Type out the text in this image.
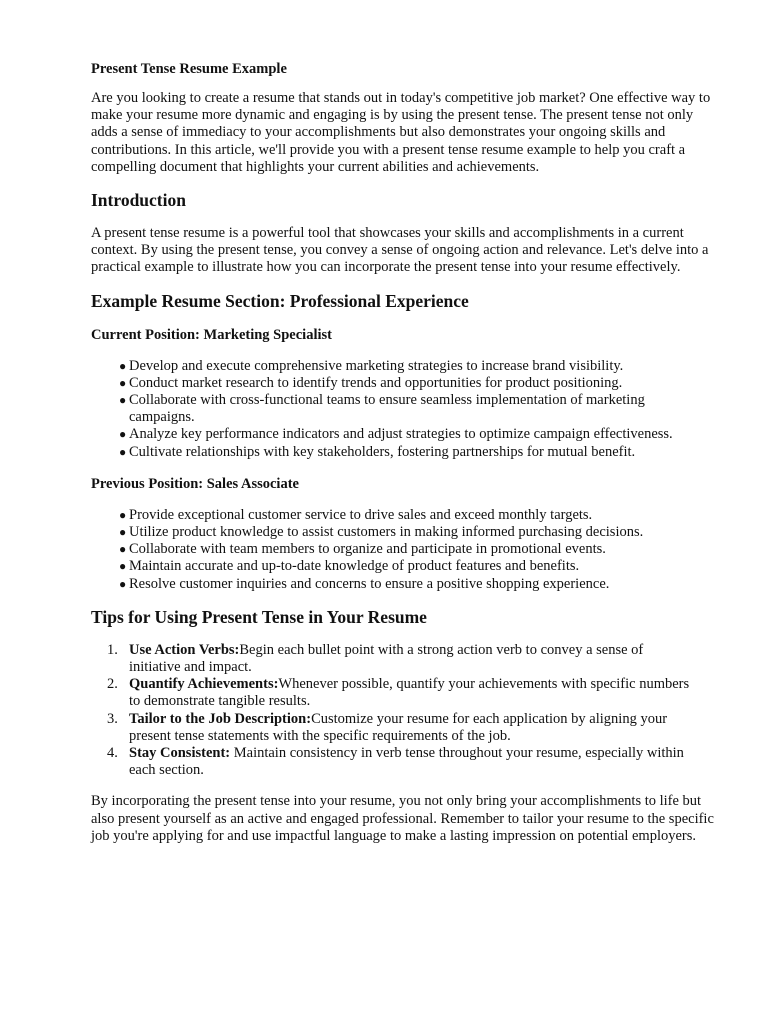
Present Tense Resume Example

Are you looking to create a resume that stands out in today's competitive job market? One effective way to make your resume more dynamic and engaging is by using the present tense. The present tense not only adds a sense of immediacy to your accomplishments but also demonstrates your ongoing skills and contributions. In this article, we'll provide you with a present tense resume example to help you craft a compelling document that highlights your current abilities and achievements.

Introduction

A present tense resume is a powerful tool that showcases your skills and accomplishments in a current context. By using the present tense, you convey a sense of ongoing action and relevance. Let's delve into a practical example to illustrate how you can incorporate the present tense into your resume effectively.

Example Resume Section: Professional Experience
Current Position: Marketing Specialist
● Develop and execute comprehensive marketing strategies to increase brand visibility.
● Conduct market research to identify trends and opportunities for product positioning.
● Collaborate with cross-functional teams to ensure seamless implementation of marketing campaigns.
● Analyze key performance indicators and adjust strategies to optimize campaign effectiveness.
● Cultivate relationships with key stakeholders, fostering partnerships for mutual benefit.
Previous Position: Sales Associate
● Provide exceptional customer service to drive sales and exceed monthly targets.
● Utilize product knowledge to assist customers in making informed purchasing decisions.
● Collaborate with team members to organize and participate in promotional events.
● Maintain accurate and up-to-date knowledge of product features and benefits.
● Resolve customer inquiries and concerns to ensure a positive shopping experience.
Tips for Using Present Tense in Your Resume
1. Use Action Verbs:Begin each bullet point with a strong action verb to convey a sense of initiative and impact.
2. Quantify Achievements:Whenever possible, quantify your achievements with specific numbers to demonstrate tangible results.
3. Tailor to the Job Description:Customize your resume for each application by aligning your present tense statements with the specific requirements of the job.
4. Stay Consistent: Maintain consistency in verb tense throughout your resume, especially within each section.

By incorporating the present tense into your resume, you not only bring your accomplishments to life but also present yourself as an active and engaged professional. Remember to tailor your resume to the specific job you're applying for and use impactful language to make a lasting impression on potential employers.
